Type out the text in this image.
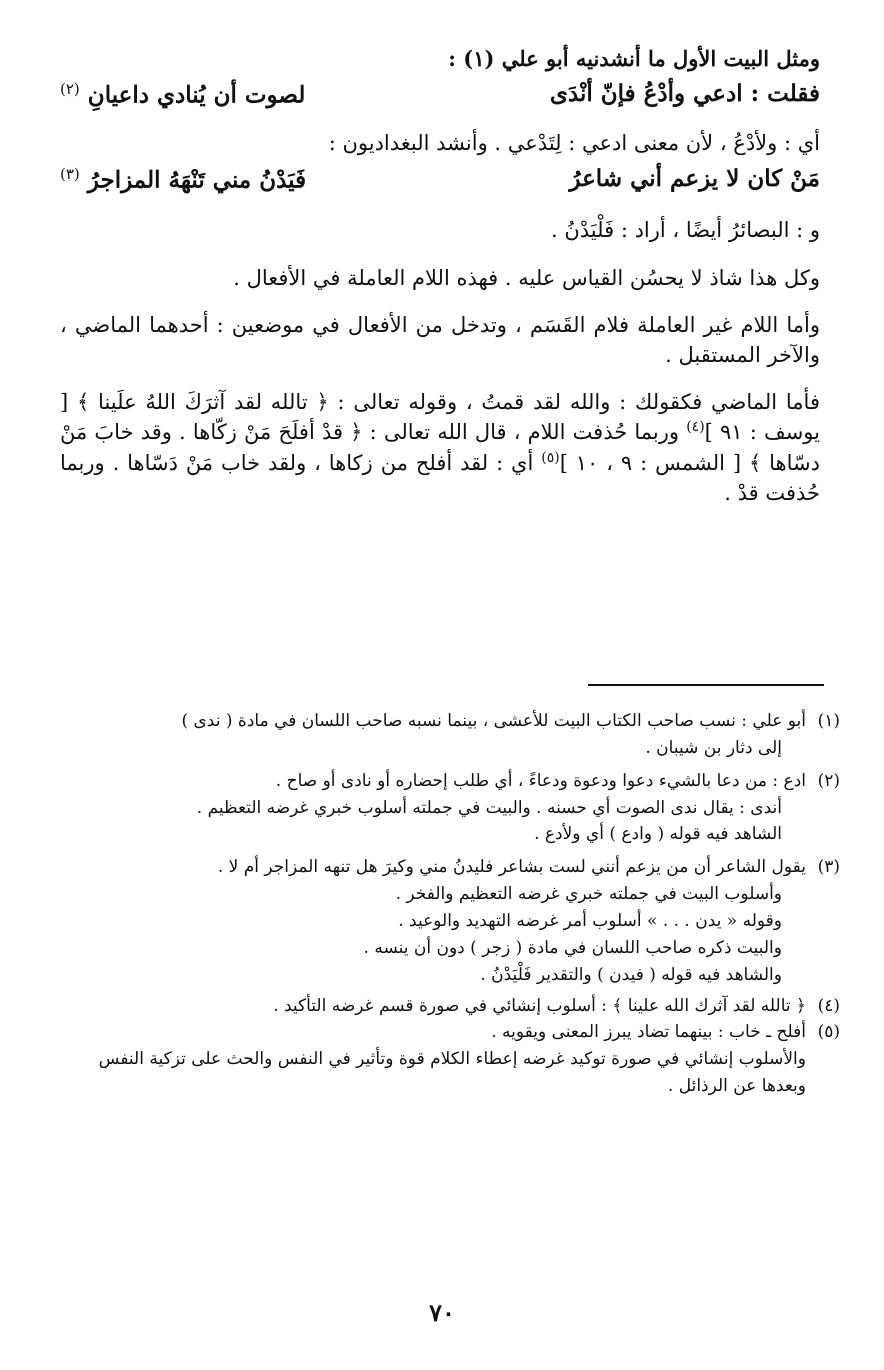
ومثل البيت الأول ما أنشدنيه أبو علي (١) :

فقلت : ادعي وأدْعُ فإنّ أنْدَى
لصوت أن يُنادي داعيانِ $^{(٢)}$

أي : ولأدْعُ ، لأن معنى ادعي : لِتَدْعي . وأنشد البغداديون :

مَنْ كان لا يزعم أني شاعرُ
فَيَدْنُ مني تَنْهَهُ المزاجرُ $^{(٣)}$

و : البصائرُ أيضًا ، أراد : فَلْيَدْنُ .

وكل هذا شاذ لا يحسُن القياس عليه . فهذه اللام العاملة في الأفعال .

وأما اللام غير العاملة فلام القَسَم ، وتدخل من الأفعال في موضعين : أحدهما الماضي ، والآخر المستقبل .

فأما الماضي فكقولك : والله لقد قمتُ ، وقوله تعالى : ﴿ تالله لقد آثرَكَ اللهُ علَينا ﴾ [ يوسف : ٩١ ]$^{(٤)}$ وربما حُذفت اللام ، قال الله تعالى : ﴿ قدْ أفلَحَ مَنْ زكّاها . وقد خابَ مَنْ دسّاها ﴾ [ الشمس : ٩ ، ١٠ ]$^{(٥)}$ أي : لقد أفلح من زكاها ، ولقد خاب مَنْ دَسّاها . وربما حُذفت قدْ .

(١)

أبو علي : نسب صاحب الكتاب البيت للأعشى ، بينما نسبه صاحب اللسان في مادة ( ندى )

إلى دثار بن شيبان .

(٢)

ادع : من دعا بالشيء دعوا ودعوة ودعاءً ، أي طلب إحضاره أو نادى أو صاح .

أندى : يقال ندى الصوت أي حسنه . والبيت في جملته أسلوب خبري غرضه التعظيم .

الشاهد فيه قوله ( وادع ) أي ولأدع .

(٣)

يقول الشاعر أن من يزعم أنني لست بشاعر فليدنُ مني وكيرَ هل تنهه المزاجر أم لا .

وأسلوب البيت في جملته خبري غرضه التعظيم والفخر .

وقوله « يدن . . . » أسلوب أمر غرضه التهديد والوعيد .

والبيت ذكره صاحب اللسان في مادة ( زجر ) دون أن ينسه .

والشاهد فيه قوله ( فيدن ) والتقدير فَلْيَدْنُ .

(٤)

﴿ تالله لقد آثرك الله علينا ﴾ : أسلوب إنشائي في صورة قسم غرضه التأكيد .

(٥)

أفلح ـ خاب : بينهما تضاد يبرز المعنى ويقويه .

والأسلوب إنشائي في صورة توكيد غرضه إعطاء الكلام قوة وتأثير في النفس والحث على تزكية النفس وبعدها عن الرذائل .

٧٠
